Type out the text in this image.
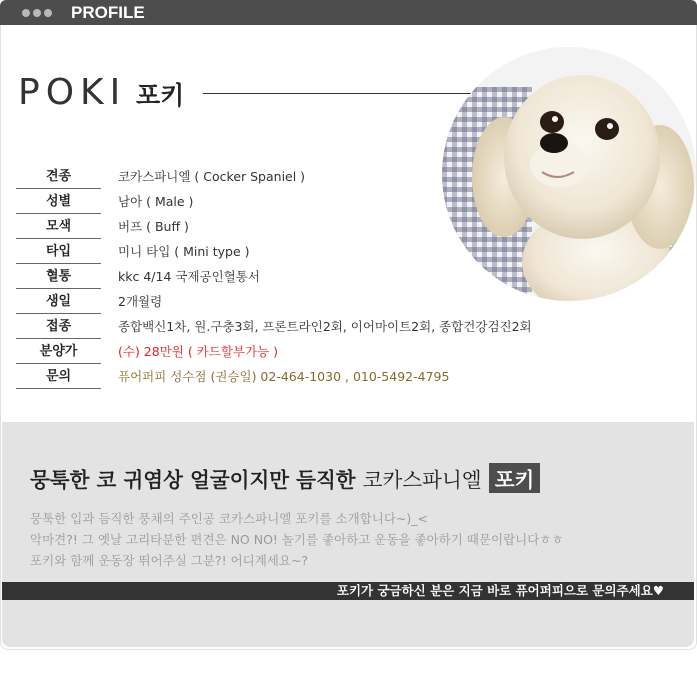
PROFILE
POKI 포키
견종	코카스파니엘 ( Cocker Spaniel )
성별	남아 ( Male )
모색	버프 ( Buff )
타입	미니 타입 ( Mini type )
혈통	kkc 4/14 국제공인혈통서
생일	2개월령
접종	종합백신1차, 원.구충3회, 프론트라인2회, 이어마이트2회, 종합건강검진2회
분양가	(수) 28만원 ( 카드할부가능 )
문의	퓨어퍼피 성수점 (권승일) 02-464-1030 , 010-5492-4795
뭉툭한 코 귀염상 얼굴이지만 듬직한 코카스파니엘 포키
뭉툭한 입과 듬직한 풍채의 주인공 코카스파니엘 포키를 소개합니다~)_<
악마견?! 그 옛날 고리타분한 편견은 NO NO! 놀기를 좋아하고 운동을 좋아하기 때문이랍니다ㅎㅎ
포키와 함께 운동장 뛰어주실 그분?! 어디계세요~?
포키가 궁금하신 분은 지금 바로 퓨어퍼피으로 문의주세요♥
